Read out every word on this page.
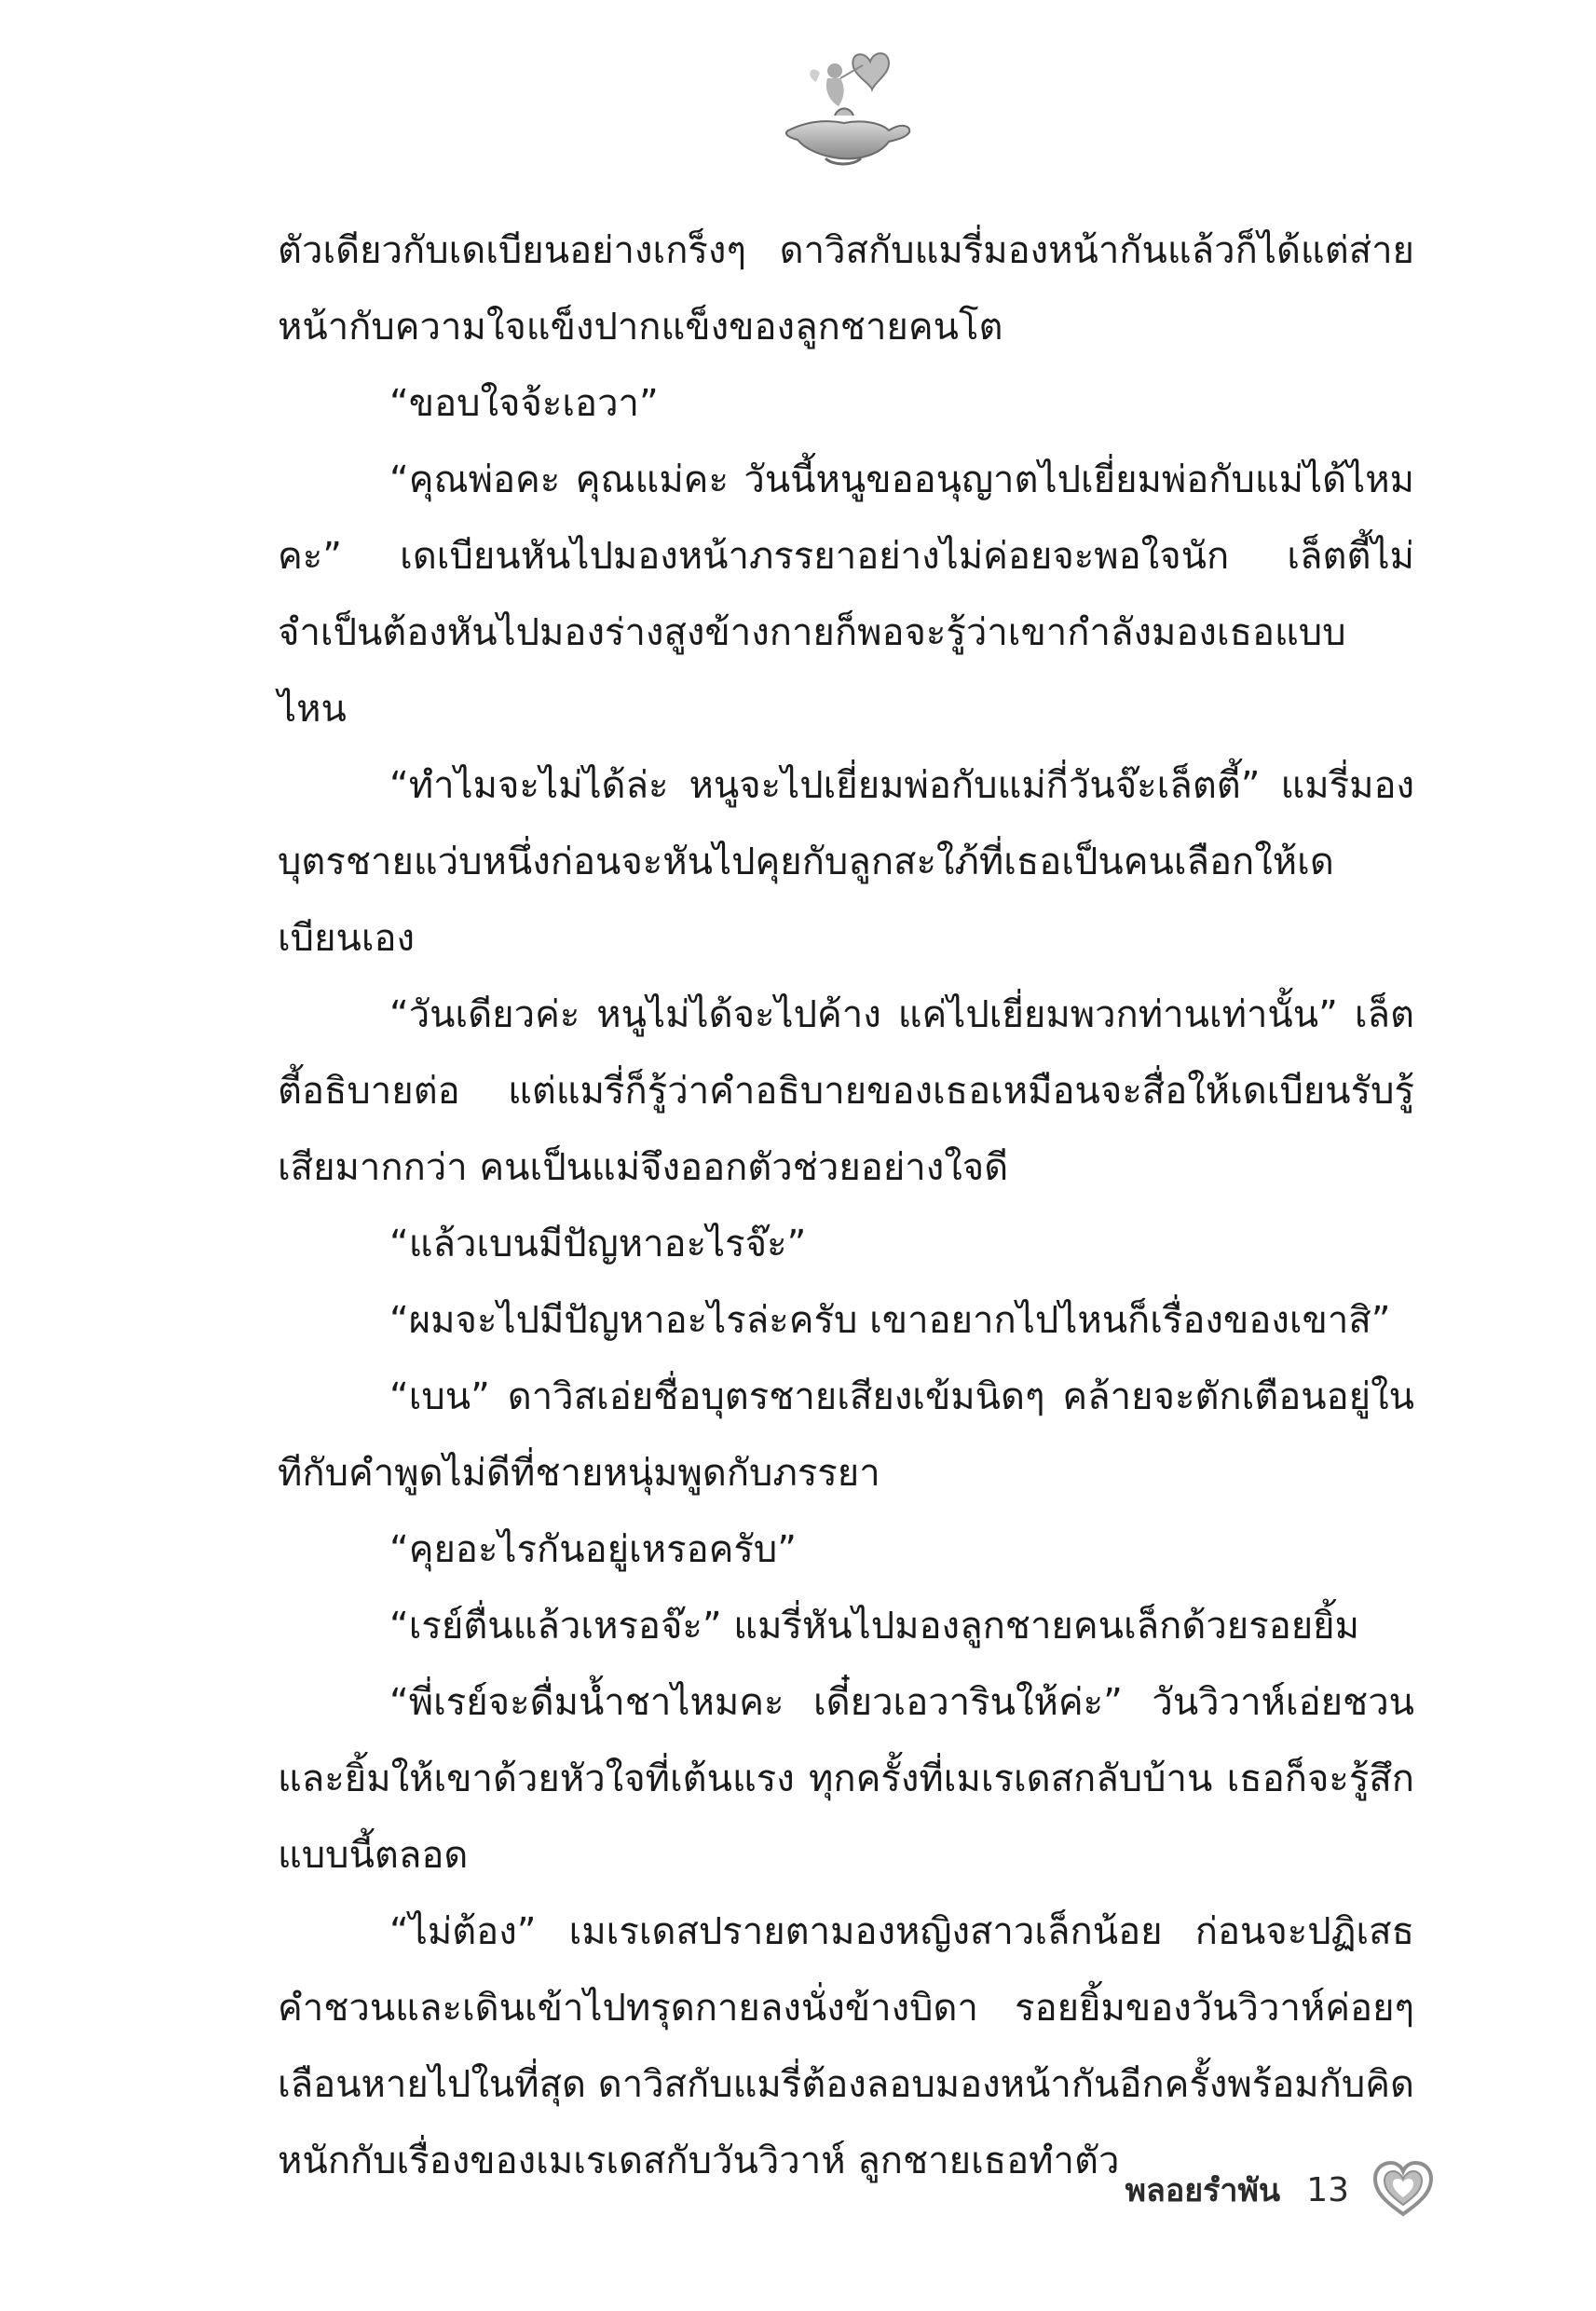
ตัวเดียวกับเดเบียนอย่างเกร็งๆ ดาวิสกับแมรี่มองหน้ากันแล้วก็ได้แต่ส่ายหน้ากับความใจแข็งปากแข็งของลูกชายคนโต

“ขอบใจจ้ะเอวา”

“คุณพ่อคะ คุณแม่คะ วันนี้หนูขออนุญาตไปเยี่ยมพ่อกับแม่ได้ไหมคะ” เดเบียนหันไปมองหน้าภรรยาอย่างไม่ค่อยจะพอใจนัก เล็ตตี้ไม่จำเป็นต้องหันไปมองร่างสูงข้างกายก็พอจะรู้ว่าเขากำลังมองเธอแบบไหน

“ทำไมจะไม่ได้ล่ะ หนูจะไปเยี่ยมพ่อกับแม่กี่วันจ๊ะเล็ตตี้” แมรี่มองบุตรชายแว่บหนึ่งก่อนจะหันไปคุยกับลูกสะใภ้ที่เธอเป็นคนเลือกให้เดเบียนเอง

“วันเดียวค่ะ หนูไม่ได้จะไปค้าง แค่ไปเยี่ยมพวกท่านเท่านั้น” เล็ตตี้อธิบายต่อ แต่แมรี่ก็รู้ว่าคำอธิบายของเธอเหมือนจะสื่อให้เดเบียนรับรู้เสียมากกว่า คนเป็นแม่จึงออกตัวช่วยอย่างใจดี

“แล้วเบนมีปัญหาอะไรจ๊ะ”

“ผมจะไปมีปัญหาอะไรล่ะครับ เขาอยากไปไหนก็เรื่องของเขาสิ”

“เบน” ดาวิสเอ่ยชื่อบุตรชายเสียงเข้มนิดๆ คล้ายจะตักเตือนอยู่ในทีกับคำพูดไม่ดีที่ชายหนุ่มพูดกับภรรยา

“คุยอะไรกันอยู่เหรอครับ”

“เรย์ตื่นแล้วเหรอจ๊ะ” แมรี่หันไปมองลูกชายคนเล็กด้วยรอยยิ้ม

“พี่เรย์จะดื่มน้ำชาไหมคะ เดี๋ยวเอวารินให้ค่ะ” วันวิวาห์เอ่ยชวนและยิ้มให้เขาด้วยหัวใจที่เต้นแรง ทุกครั้งที่เมเรเดสกลับบ้าน เธอก็จะรู้สึกแบบนี้ตลอด

“ไม่ต้อง” เมเรเดสปรายตามองหญิงสาวเล็กน้อย ก่อนจะปฏิเสธคำชวนและเดินเข้าไปทรุดกายลงนั่งข้างบิดา รอยยิ้มของวันวิวาห์ค่อยๆ เลือนหายไปในที่สุด ดาวิสกับแมรี่ต้องลอบมองหน้ากันอีกครั้งพร้อมกับคิดหนักกับเรื่องของเมเรเดสกับวันวิวาห์ ลูกชายเธอทำตัว

พลอยรำพัน 13
